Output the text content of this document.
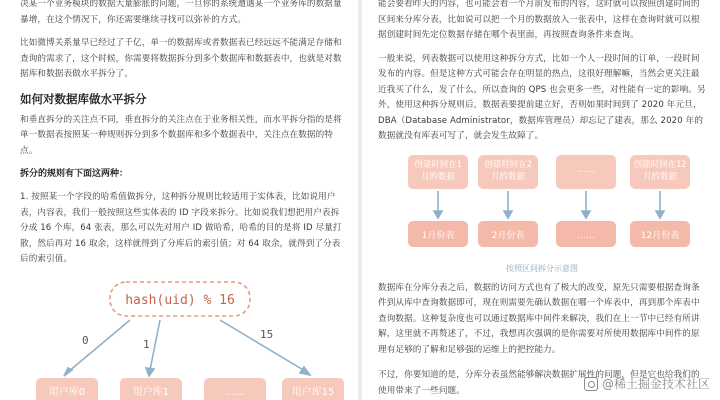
决某一个业务模块的数据大量膨胀的问题，一旦你的系统遭遇某一个业务库的数据量暴增，在这个情况下，你还需要继续寻找可以弥补的方式。

比如微博关系量早已经过了千亿，单一的数据库或者数据表已经远远不能满足存储和查询的需求了，这个时候，你需要将数据拆分到多个数据库和数据表中，也就是对数据库和数据表做水平拆分了。

如何对数据库做水平拆分

和垂直拆分的关注点不同，垂直拆分的关注点在于业务相关性，而水平拆分指的是将单一数据表按照某一种规则拆分到多个数据库和多个数据表中，关注点在数据的特点。

拆分的规则有下面这两种：

1. 按照某一个字段的哈希值做拆分，这种拆分规则比较适用于实体表，比如说用户表，内容表，我们一般按照这些实体表的 ID 字段来拆分。比如说我们想把用户表拆分成 16 个库，64 张表，那么可以先对用户 ID 做哈希，哈希的目的是将 ID 尽量打散，然后再对 16 取余，这样就得到了分库后的索引值；对 64 取余，就得到了分表后的索引值。

hash(uid) % 16
0	1
15
用户库0	用户库1	……	用户库15

能会要看昨天的内容，也可能会看一个月前发布的内容，这时就可以按照创建时间的区间来分库分表，比如说可以把一个月的数据放入一张表中，这样在查询时就可以根据创建时间先定位数据存储在哪个表里面，再按照查询条件来查询。

一般来说，列表数据可以使用这种拆分方式，比如一个人一段时间的订单，一段时间发布的内容。但是这种方式可能会存在明显的热点，这很好理解嘛，当然会更关注最近我买了什么，发了什么，所以查询的 QPS 也会更多一些，对性能有一定的影响。另外，使用这种拆分规则后，数据表要提前建立好，否则如果时间到了 2020 年元旦，DBA（Database Administrator，数据库管理员）却忘记了建表，那么 2020 年的数据就没有库表可写了，就会发生故障了。

创建时间在1月的数据
创建时间在2月的数据
……	创建时间在12月的数据
1月份表	2月份表	……	12月份表
按照区间拆分示意图

数据库在分库分表之后，数据的访问方式也有了极大的改变，原先只需要根据查询条件到从库中查询数据即可，现在则需要先确认数据在哪一个库表中，再到那个库表中查询数据。这种复杂度也可以通过数据库中间件来解决，我们在上一节中已经有所讲解，这里就不再赘述了，不过，我想再次强调的是你需要对所使用数据库中间件的原理有足够的了解和足够强的运维上的把控能力。

不过，你要知道的是，分库分表虽然能够解决数据扩展性的问题，但是它也给我们的使用带来了一些问题。	@稀土掘金技术社区
